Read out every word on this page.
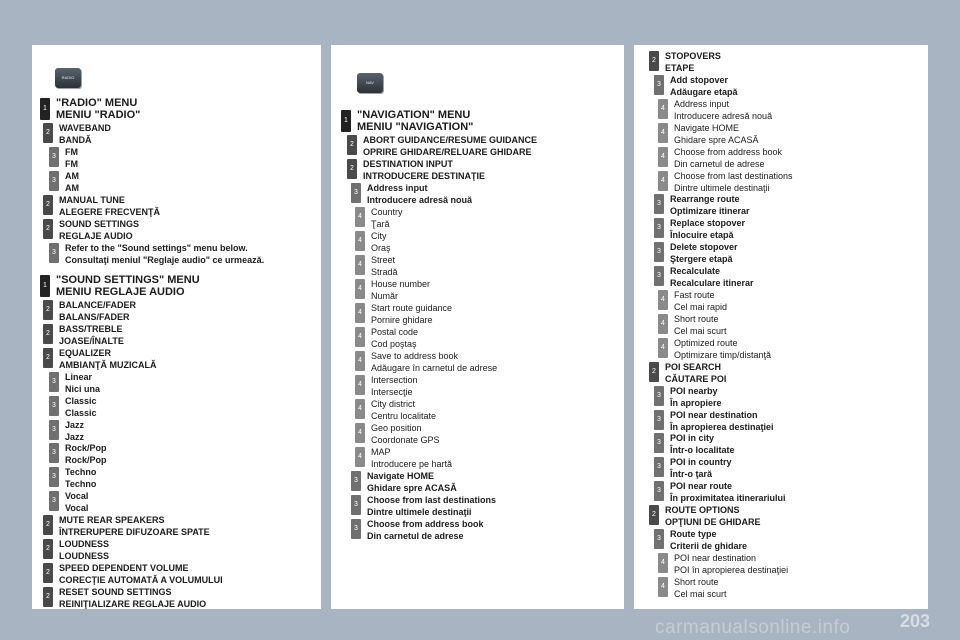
RADIO
NAV
1 "RADIO" MENU
MENIU "RADIO"
2	WAVEBAND
BANDĂ
3	FM
FM
3	AM
AM
2	MANUAL TUNE
ALEGERE FRECVENŢĂ
2	SOUND SETTINGS
REGLAJE AUDIO
3	Refer to the "Sound settings" menu below.
Consultaţi meniul "Reglaje audio" ce urmează.
1 "SOUND SETTINGS" MENU
MENIU REGLAJE AUDIO
2	BALANCE/FADER
BALANS/FADER
2	BASS/TREBLE
JOASE/ÎNALTE
2	EQUALIZER
AMBIANŢĂ MUZICALĂ
3	Linear
Nici una
3	Classic
Classic
3	Jazz
Jazz
3	Rock/Pop
Rock/Pop
3	Techno
Techno
3	Vocal
Vocal
2	MUTE REAR SPEAKERS
ÎNTRERUPERE DIFUZOARE SPATE
2	LOUDNESS
LOUDNESS
2	SPEED DEPENDENT VOLUME
CORECŢIE AUTOMATĂ A VOLUMULUI
2	RESET SOUND SETTINGS
REINIŢIALIZARE REGLAJE AUDIO
1 "NAVIGATION" MENU
MENIU "NAVIGATION"
2	ABORT GUIDANCE/RESUME GUIDANCE
OPRIRE GHIDARE/RELUARE GHIDARE
2	DESTINATION INPUT
INTRODUCERE DESTINAŢIE
3	Address input
Introducere adresă nouă
4	Country
Ţară
4	City
Oraş
4	Street
Stradă
4	House number
Număr
4	Start route guidance
Pornire ghidare
4	Postal code
Cod poştaş
4	Save to address book
Adăugare în carnetul de adrese
4	Intersection
Intersecţie
4	City district
Centru localitate
4	Geo position
Coordonate GPS
4	MAP
Introducere pe hartă
3	Navigate HOME
Ghidare spre ACASĂ
3	Choose from last destinations
Dintre ultimele destinaţii
3	Choose from address book
Din carnetul de adrese
2	STOPOVERS
ETAPE
3	Add stopover
Adăugare etapă
4	Address input
Introducere adresă nouă
4	Navigate HOME
Ghidare spre ACASĂ
4	Choose from address book
Din carnetul de adrese
4	Choose from last destinations
Dintre ultimele destinaţii
3	Rearrange route
Optimizare itinerar
3	Replace stopover
Înlocuire etapă
3	Delete stopover
Ştergere etapă
3	Recalculate
Recalculare itinerar
4	Fast route
Cel mai rapid
4	Short route
Cel mai scurt
4	Optimized route
Optimizare timp/distanţă
2	POI SEARCH
CĂUTARE POI
3	POI nearby
În apropiere
3	POI near destination
În apropierea destinaţiei
3	POI in city
Într-o localitate
3	POI in country
Într-o ţară
3	POI near route
În proximitatea itinerariului
2	ROUTE OPTIONS
OPŢIUNI DE GHIDARE
3	Route type
Criterii de ghidare
4	POI near destination
POI în apropierea destinaţiei
4	Short route
Cel mai scurt
carmanualsonline.info	203
